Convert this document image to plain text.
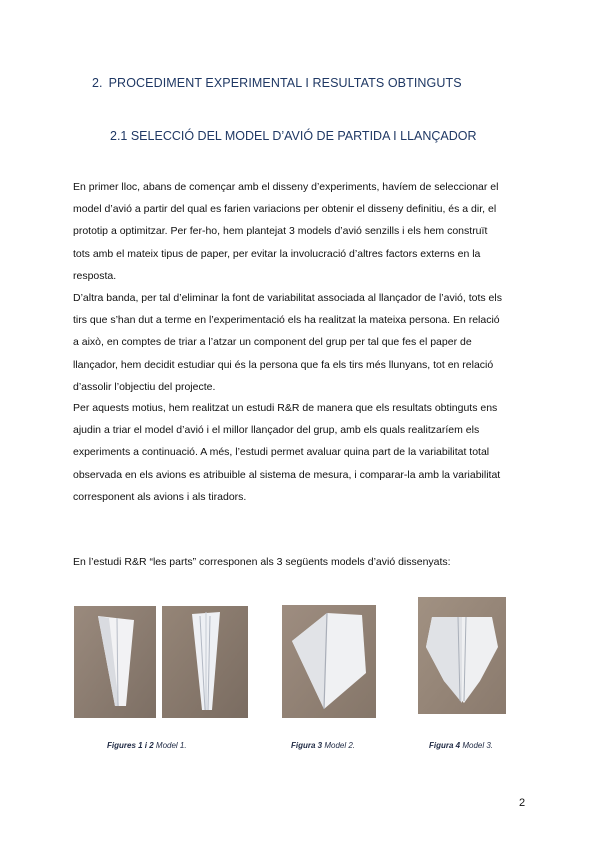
2. PROCEDIMENT EXPERIMENTAL I RESULTATS OBTINGUTS
2.1 SELECCIÓ DEL MODEL D’AVIÓ DE PARTIDA I LLANÇADOR
En primer lloc, abans de començar amb el disseny d’experiments, havíem de seleccionar el
model d’avió a partir del qual es farien variacions per obtenir el disseny definitiu, és a dir, el
prototip a optimitzar. Per fer-ho, hem plantejat 3 models d’avió senzills i els hem construït
tots amb el mateix tipus de paper, per evitar la involucració d’altres factors externs en la
resposta.
D’altra banda, per tal d’eliminar la font de variabilitat associada al llançador de l’avió, tots els
tirs que s’han dut a terme en l’experimentació els ha realitzat la mateixa persona. En relació
a això, en comptes de triar a l’atzar un component del grup per tal que fes el paper de
llançador, hem decidit estudiar qui és la persona que fa els tirs més llunyans, tot en relació
d’assolir l’objectiu del projecte.
Per aquests motius, hem realitzat un estudi R&R de manera que els resultats obtinguts ens
ajudin a triar el model d’avió i el millor llançador del grup, amb els quals realitzaríem els
experiments a continuació. A més, l’estudi permet avaluar quina part de la variabilitat total
observada en els avions es atribuible al sistema de mesura, i comparar-la amb la variabilitat
corresponent als avions i als tiradors.
En l’estudi R&R “les parts” corresponen als 3 següents models d’avió dissenyats:
Figures 1 i 2 Model 1.	Figura 3 Model 2.	Figura 4 Model 3.
2
